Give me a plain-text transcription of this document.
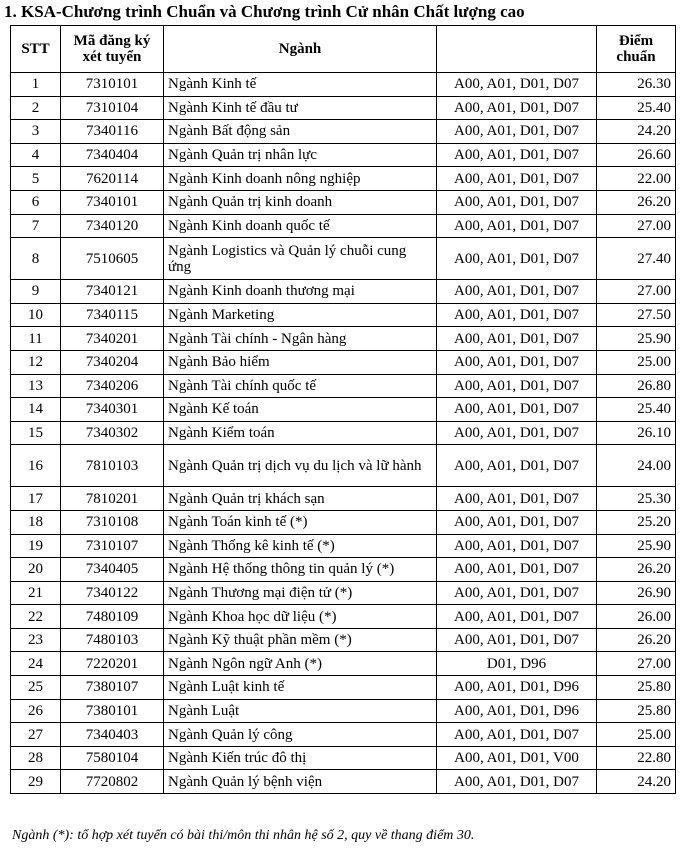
1. KSA-Chương trình Chuẩn và Chương trình Cử nhân Chất lượng cao
STT	Mã đăng ký xét tuyển	Ngành		Điểm chuẩn
1	7310101	Ngành Kinh tế	A00, A01, D01, D07	26.30
2	7310104	Ngành Kinh tế đầu tư	A00, A01, D01, D07	25.40
3	7340116	Ngành Bất động sản	A00, A01, D01, D07	24.20
4	7340404	Ngành Quản trị nhân lực	A00, A01, D01, D07	26.60
5	7620114	Ngành Kinh doanh nông nghiệp	A00, A01, D01, D07	22.00
6	7340101	Ngành Quản trị kinh doanh	A00, A01, D01, D07	26.20
7	7340120	Ngành Kinh doanh quốc tế	A00, A01, D01, D07	27.00
8	7510605	Ngành Logistics và Quản lý chuỗi cung ứng	A00, A01, D01, D07	27.40
9	7340121	Ngành Kinh doanh thương mại	A00, A01, D01, D07	27.00
10	7340115	Ngành Marketing	A00, A01, D01, D07	27.50
11	7340201	Ngành Tài chính - Ngân hàng	A00, A01, D01, D07	25.90
12	7340204	Ngành Bảo hiểm	A00, A01, D01, D07	25.00
13	7340206	Ngành Tài chính quốc tế	A00, A01, D01, D07	26.80
14	7340301	Ngành Kế toán	A00, A01, D01, D07	25.40
15	7340302	Ngành Kiểm toán	A00, A01, D01, D07	26.10
16	7810103	Ngành Quản trị dịch vụ du lịch và lữ hành	A00, A01, D01, D07	24.00
17	7810201	Ngành Quản trị khách sạn	A00, A01, D01, D07	25.30
18	7310108	Ngành Toán kinh tế (*)	A00, A01, D01, D07	25.20
19	7310107	Ngành Thống kê kinh tế (*)	A00, A01, D01, D07	25.90
20	7340405	Ngành Hệ thống thông tin quản lý (*)	A00, A01, D01, D07	26.20
21	7340122	Ngành Thương mại điện tử (*)	A00, A01, D01, D07	26.90
22	7480109	Ngành Khoa học dữ liệu (*)	A00, A01, D01, D07	26.00
23	7480103	Ngành Kỹ thuật phần mềm (*)	A00, A01, D01, D07	26.20
24	7220201	Ngành Ngôn ngữ Anh (*)	D01, D96	27.00
25	7380107	Ngành Luật kinh tế	A00, A01, D01, D96	25.80
26	7380101	Ngành Luật	A00, A01, D01, D96	25.80
27	7340403	Ngành Quản lý công	A00, A01, D01, D07	25.00
28	7580104	Ngành Kiến trúc đô thị	A00, A01, D01, V00	22.80
29	7720802	Ngành Quản lý bệnh viện	A00, A01, D01, D07	24.20
Ngành (*): tổ hợp xét tuyển có bài thi/môn thi nhân hệ số 2, quy về thang điểm 30.
